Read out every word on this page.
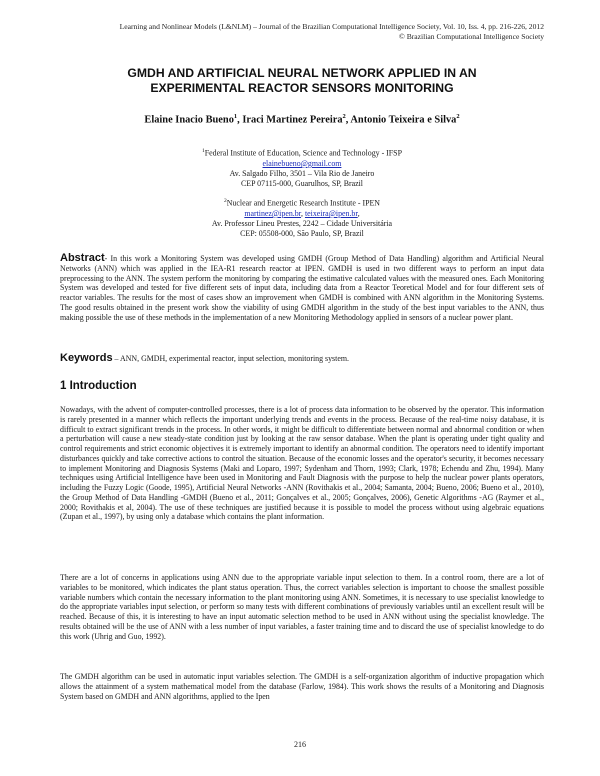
Learning and Nonlinear Models (L&NLM) – Journal of the Brazilian Computational Intelligence Society, Vol. 10, Iss. 4, pp. 216-226, 2012
© Brazilian Computational Intelligence Society
GMDH AND ARTIFICIAL NEURAL NETWORK APPLIED IN AN
EXPERIMENTAL REACTOR SENSORS MONITORING
Elaine Inacio Bueno$^1$, Iraci Martinez Pereira$^2$, Antonio Teixeira e Silva$^2$
$^1$Federal Institute of Education, Science and Technology - IFSP
elainebueno@gmail.com
Av. Salgado Filho, 3501 – Vila Rio de Janeiro
CEP 07115-000, Guarulhos, SP, Brazil
$^2$Nuclear and Energetic Research Institute - IPEN
martinez@ipen.br, teixeira@ipen.br,
Av. Professor Lineu Prestes, 2242 – Cidade Universitária
CEP: 05508-000, São Paulo, SP, Brazil
Abstract- In this work a Monitoring System was developed using GMDH (Group Method of Data Handling) algorithm and Artificial Neural Networks (ANN) which was applied in the IEA-R1 research reactor at IPEN. GMDH is used in two different ways to perform an input data preprocessing to the ANN. The system perform the monitoring by comparing the estimative calculated values with the measured ones. Each Monitoring System was developed and tested for five different sets of input data, including data from a Reactor Teoretical Model and for four different sets of reactor variables. The results for the most of cases show an improvement when GMDH is combined with ANN algorithm in the Monitoring Systems. The good results obtained in the present work show the viability of using GMDH algorithm in the study of the best input variables to the ANN, thus making possible the use of these methods in the implementation of a new Monitoring Methodology applied in sensors of a nuclear power plant.
Keywords – ANN, GMDH, experimental reactor, input selection, monitoring system.
1 Introduction
Nowadays, with the advent of computer-controlled processes, there is a lot of process data information to be observed by the operator. This information is rarely presented in a manner which reflects the important underlying trends and events in the process. Because of the real-time noisy database, it is difficult to extract significant trends in the process. In other words, it might be difficult to differentiate between normal and abnormal condition or when a perturbation will cause a new steady-state condition just by looking at the raw sensor database. When the plant is operating under tight quality and control requirements and strict economic objectives it is extremely important to identify an abnormal condition. The operators need to identify important disturbances quickly and take corrective actions to control the situation. Because of the economic losses and the operator's security, it becomes necessary to implement Monitoring and Diagnosis Systems (Maki and Loparo, 1997; Sydenham and Thorn, 1993; Clark, 1978; Echendu and Zhu, 1994). Many techniques using Artificial Intelligence have been used in Monitoring and Fault Diagnosis with the purpose to help the nuclear power plants operators, including the Fuzzy Logic (Goode, 1995), Artificial Neural Networks -ANN (Rovithakis et al., 2004; Samanta, 2004; Bueno, 2006; Bueno et al., 2010), the Group Method of Data Handling -GMDH (Bueno et al., 2011; Gonçalves et al., 2005; Gonçalves, 2006), Genetic Algorithms -AG (Raymer et al., 2000; Rovithakis et al, 2004). The use of these techniques are justified because it is possible to model the process without using algebraic equations (Zupan et al., 1997), by using only a database which contains the plant information.
There are a lot of concerns in applications using ANN due to the appropriate variable input selection to them. In a control room, there are a lot of variables to be monitored, which indicates the plant status operation. Thus, the correct variables selection is important to choose the smallest possible variable numbers which contain the necessary information to the plant monitoring using ANN. Sometimes, it is necessary to use specialist knowledge to do the appropriate variables input selection, or perform so many tests with different combinations of previously variables until an excellent result will be reached. Because of this, it is interesting to have an input automatic selection method to be used in ANN without using the specialist knowledge. The results obtained will be the use of ANN with a less number of input variables, a faster training time and to discard the use of specialist knowledge to do this work (Uhrig and Guo, 1992).
The GMDH algorithm can be used in automatic input variables selection. The GMDH is a self-organization algorithm of inductive propagation which allows the attainment of a system mathematical model from the database (Farlow, 1984). This work shows the results of a Monitoring and Diagnosis System based on GMDH and ANN algorithms, applied to the Ipen
216
